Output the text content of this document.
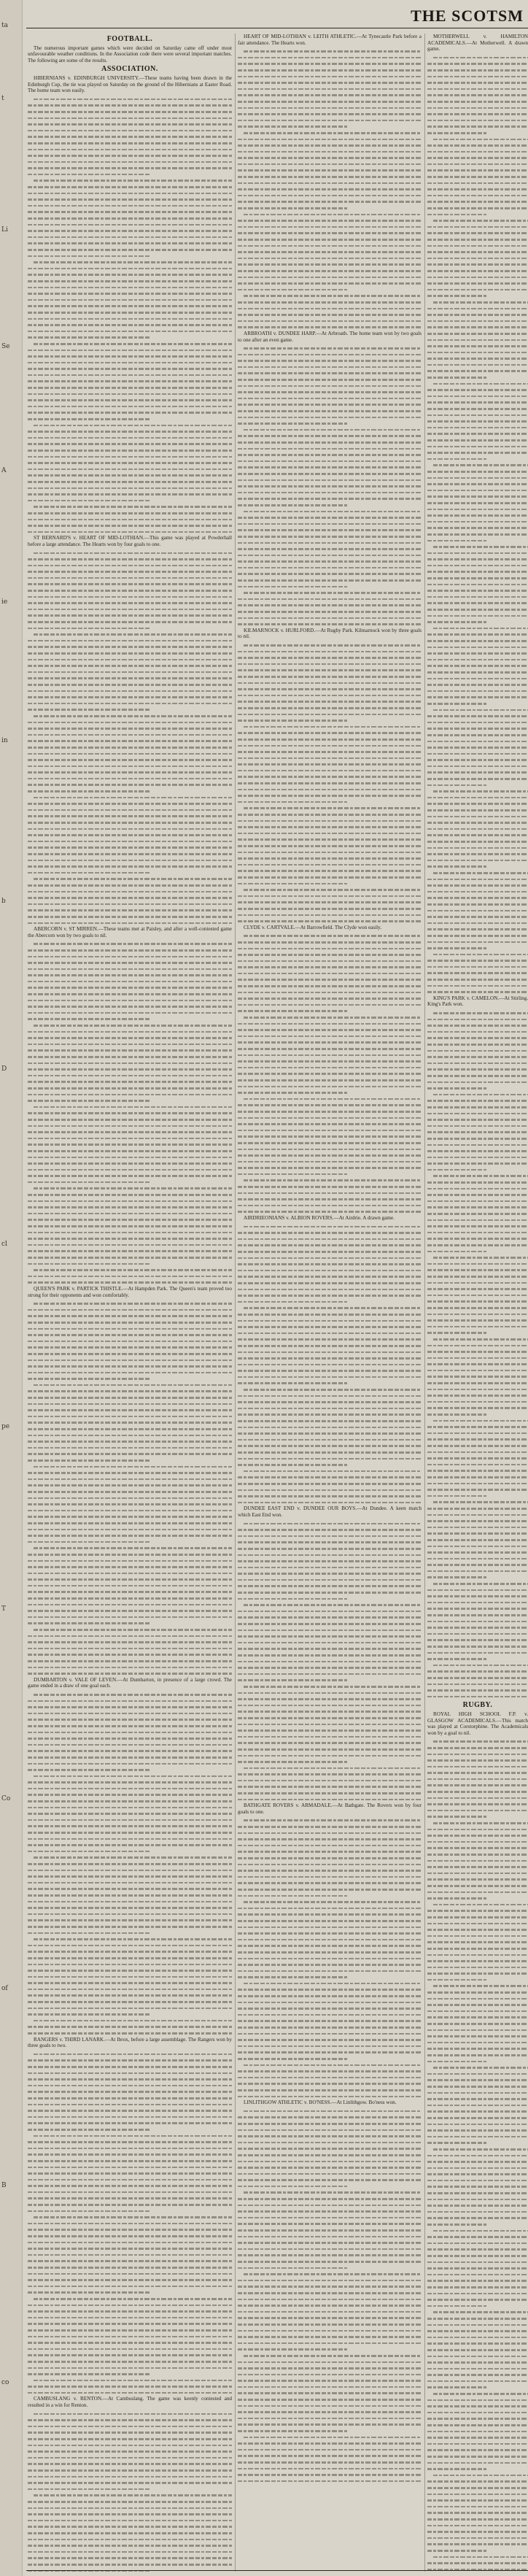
ta
t
Li
Se
A
ie
in
b
D
cl
pe
T
Co
of
B
co
THE SCOTSM
FOOTBALL.

The numerous important games which were decided on Saturday came off under most unfavourable weather conditions. In the Association code there were several important matches. The following are some of the results.

ASSOCIATION.

HIBERNIANS v. EDINBURGH UNIVERSITY.—These teams having been drawn in the Edinburgh Cup, the tie was played on Saturday on the ground of the Hibernians at Easter Road. The home team won easily.

ST BERNARD'S v. HEART OF MID-LOTHIAN.—This game was played at Powderhall before a large attendance. The Hearts won by four goals to one.

ABERCORN v. ST MIRREN.—These teams met at Paisley, and after a well-contested game the Abercorn won by two goals to nil.

QUEEN'S PARK v. PARTICK THISTLE.—At Hampden Park. The Queen's team proved too strong for their opponents and won comfortably.

DUMBARTON v. VALE OF LEVEN.—At Dumbarton, in presence of a large crowd. The game ended in a draw of one goal each.

RANGERS v. THIRD LANARK.—At Ibrox, before a large assemblage. The Rangers won by three goals to two.

CAMBUSLANG v. RENTON.—At Cambuslang. The game was keenly contested and resulted in a win for Renton.

HEART OF MID-LOTHIAN v. LEITH ATHLETIC.—At Tynecastle Park before a fair attendance. The Hearts won.

ARBROATH v. DUNDEE HARP.—At Arbroath. The home team won by two goals to one after an even game.

KILMARNOCK v. HURLFORD.—At Rugby Park. Kilmarnock won by three goals to nil.

CLYDE v. CARTVALE.—At Barrowfield. The Clyde won easily.

AIRDRIEONIANS v. ALBION ROVERS.—At Airdrie. A drawn game.

DUNDEE EAST END v. DUNDEE OUR BOYS.—At Dundee. A keen match which East End won.

BATHGATE ROVERS v. ARMADALE.—At Bathgate. The Rovers won by four goals to one.

LINLITHGOW ATHLETIC v. BO'NESS.—At Linlithgow. Bo'ness won.

MOTHERWELL v. HAMILTON ACADEMICALS.—At Motherwell. A drawn game.

KING'S PARK v. CAMELON.—At Stirling. King's Park won.

RUGBY.

ROYAL HIGH SCHOOL F.P. v. GLASGOW ACADEMICALS.—This match was played at Corstorphine. The Academicals won by a goal to nil.
